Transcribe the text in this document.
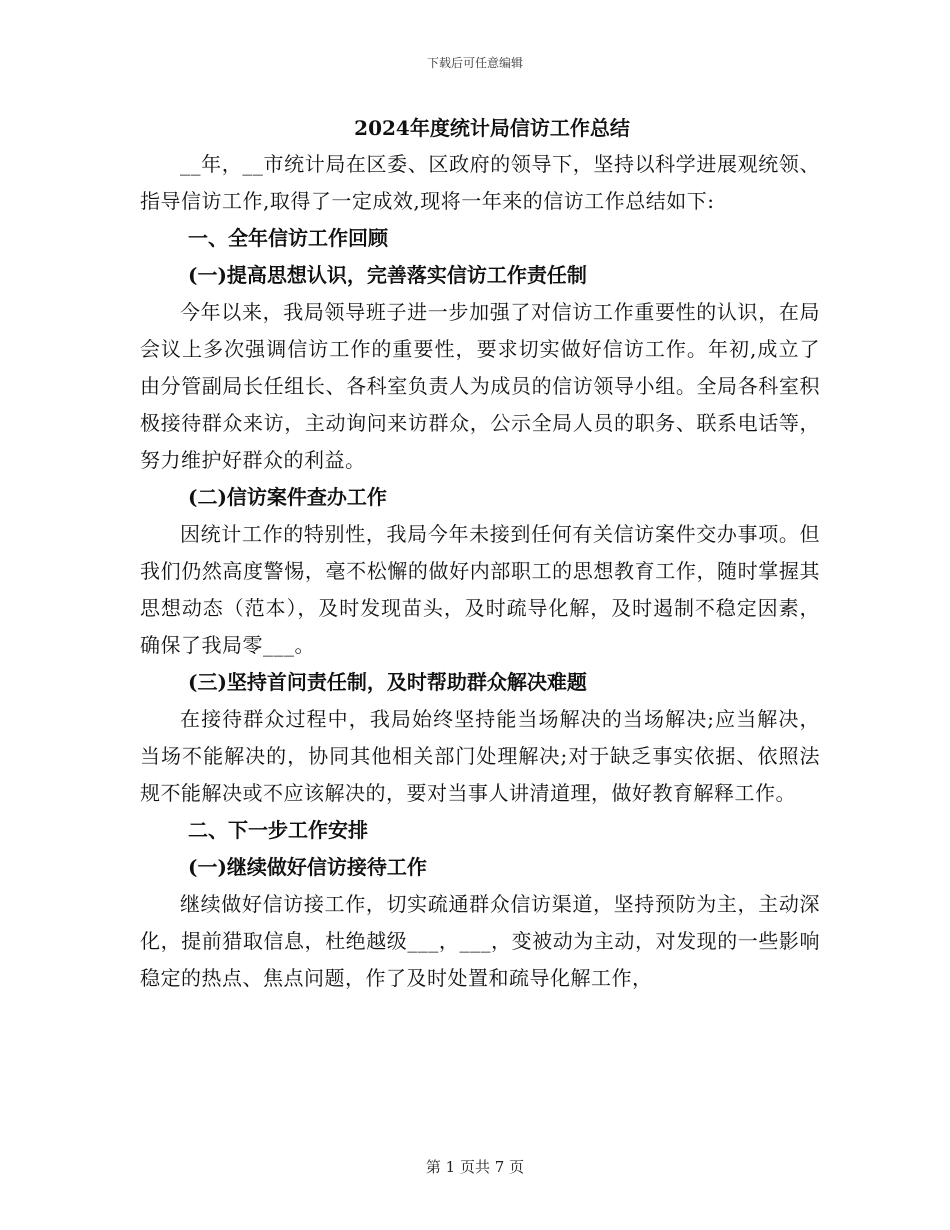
下载后可任意编辑
2024年度统计局信访工作总结

__年，__市统计局在区委、区政府的领导下，坚持以科学进展观统领、指导信访工作,取得了一定成效,现将一年来的信访工作总结如下:

一、全年信访工作回顾

(一)提高思想认识，完善落实信访工作责任制

今年以来，我局领导班子进一步加强了对信访工作重要性的认识，在局会议上多次强调信访工作的重要性，要求切实做好信访工作。年初,成立了由分管副局长任组长、各科室负责人为成员的信访领导小组。全局各科室积极接待群众来访，主动询问来访群众，公示全局人员的职务、联系电话等，努力维护好群众的利益。

(二)信访案件查办工作

因统计工作的特别性，我局今年未接到任何有关信访案件交办事项。但我们仍然高度警惕，毫不松懈的做好内部职工的思想教育工作，随时掌握其思想动态（范本），及时发现苗头，及时疏导化解，及时遏制不稳定因素，确保了我局零___。

(三)坚持首问责任制，及时帮助群众解决难题

在接待群众过程中，我局始终坚持能当场解决的当场解决;应当解决，当场不能解决的，协同其他相关部门处理解决;对于缺乏事实依据、依照法规不能解决或不应该解决的，要对当事人讲清道理，做好教育解释工作。

二、下一步工作安排

(一)继续做好信访接待工作

继续做好信访接工作，切实疏通群众信访渠道，坚持预防为主，主动深化，提前猎取信息，杜绝越级___，___，变被动为主动，对发现的一些影响稳定的热点、焦点问题，作了及时处置和疏导化解工作，

第 1 页共 7 页
